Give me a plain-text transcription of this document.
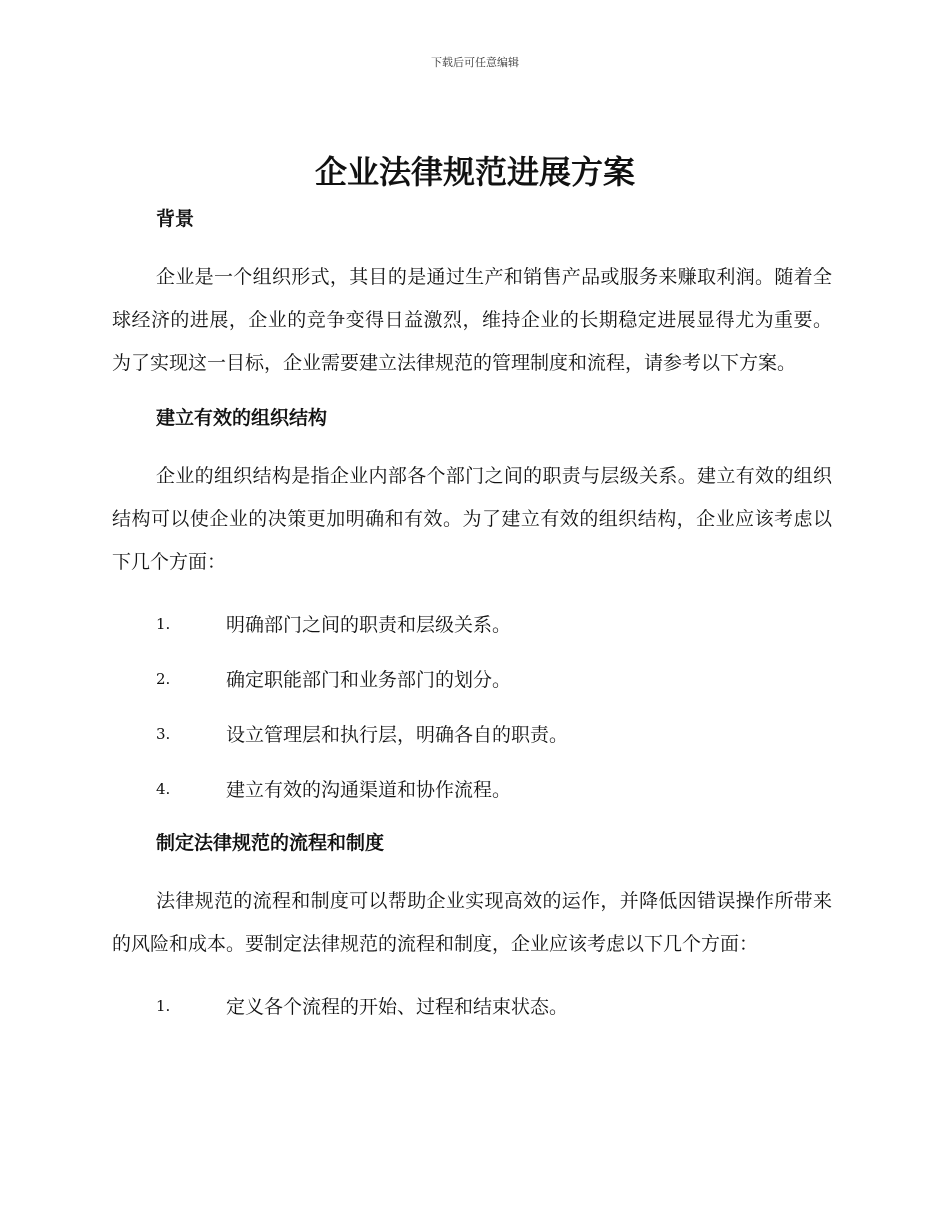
下载后可任意编辑
企业法律规范进展方案
背景

企业是一个组织形式，其目的是通过生产和销售产品或服务来赚取利润。随着全球经济的进展，企业的竞争变得日益激烈，维持企业的长期稳定进展显得尤为重要。为了实现这一目标，企业需要建立法律规范的管理制度和流程，请参考以下方案。

建立有效的组织结构

企业的组织结构是指企业内部各个部门之间的职责与层级关系。建立有效的组织结构可以使企业的决策更加明确和有效。为了建立有效的组织结构，企业应该考虑以下几个方面：

1.	明确部门之间的职责和层级关系。
2.	确定职能部门和业务部门的划分。
3.	设立管理层和执行层，明确各自的职责。
4.	建立有效的沟通渠道和协作流程。
制定法律规范的流程和制度

法律规范的流程和制度可以帮助企业实现高效的运作，并降低因错误操作所带来的风险和成本。要制定法律规范的流程和制度，企业应该考虑以下几个方面：

1.	定义各个流程的开始、过程和结束状态。
